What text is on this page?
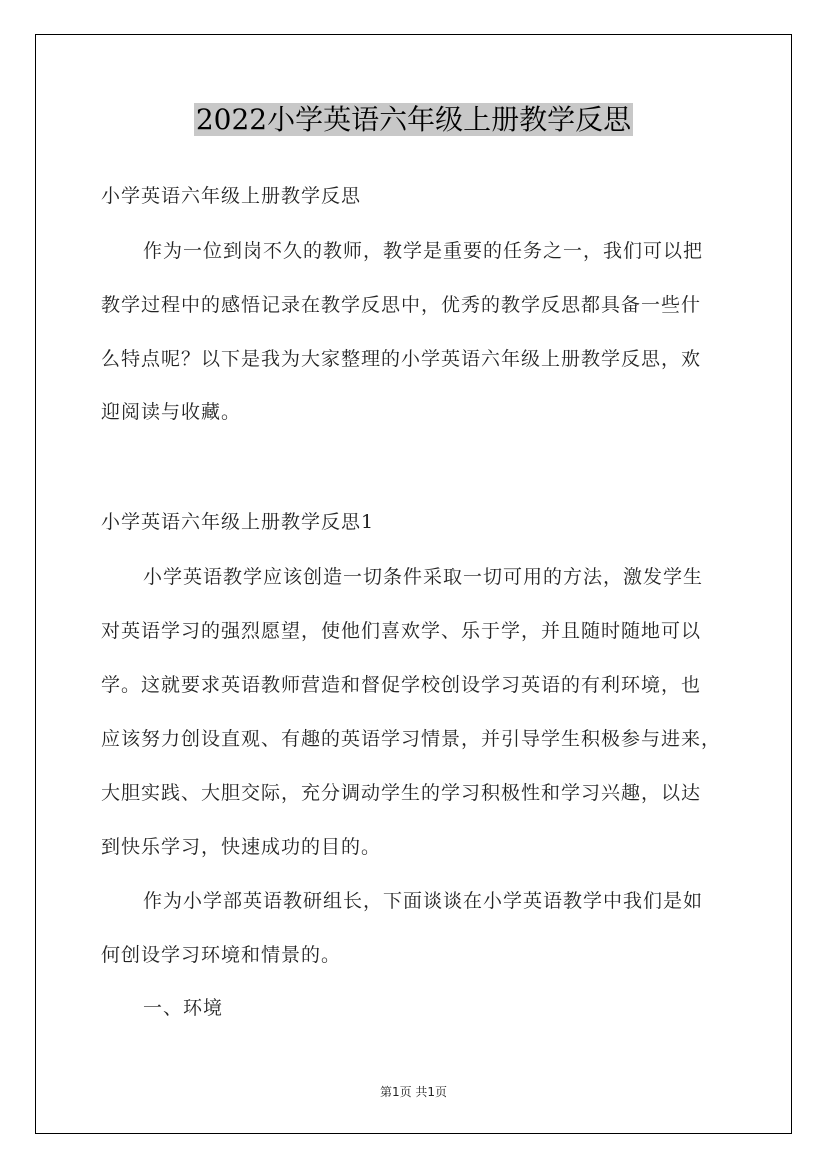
2022小学英语六年级上册教学反思
小学英语六年级上册教学反思
作为一位到岗不久的教师，教学是重要的任务之一，我们可以把
教学过程中的感悟记录在教学反思中，优秀的教学反思都具备一些什
么特点呢？以下是我为大家整理的小学英语六年级上册教学反思，欢
迎阅读与收藏。
小学英语六年级上册教学反思1
小学英语教学应该创造一切条件采取一切可用的方法，激发学生
对英语学习的强烈愿望，使他们喜欢学、乐于学，并且随时随地可以
学。这就要求英语教师营造和督促学校创设学习英语的有利环境，也
应该努力创设直观、有趣的英语学习情景，并引导学生积极参与进来，
大胆实践、大胆交际，充分调动学生的学习积极性和学习兴趣，以达
到快乐学习，快速成功的目的。
作为小学部英语教研组长，下面谈谈在小学英语教学中我们是如
何创设学习环境和情景的。
一、环境
第1页 共1页
